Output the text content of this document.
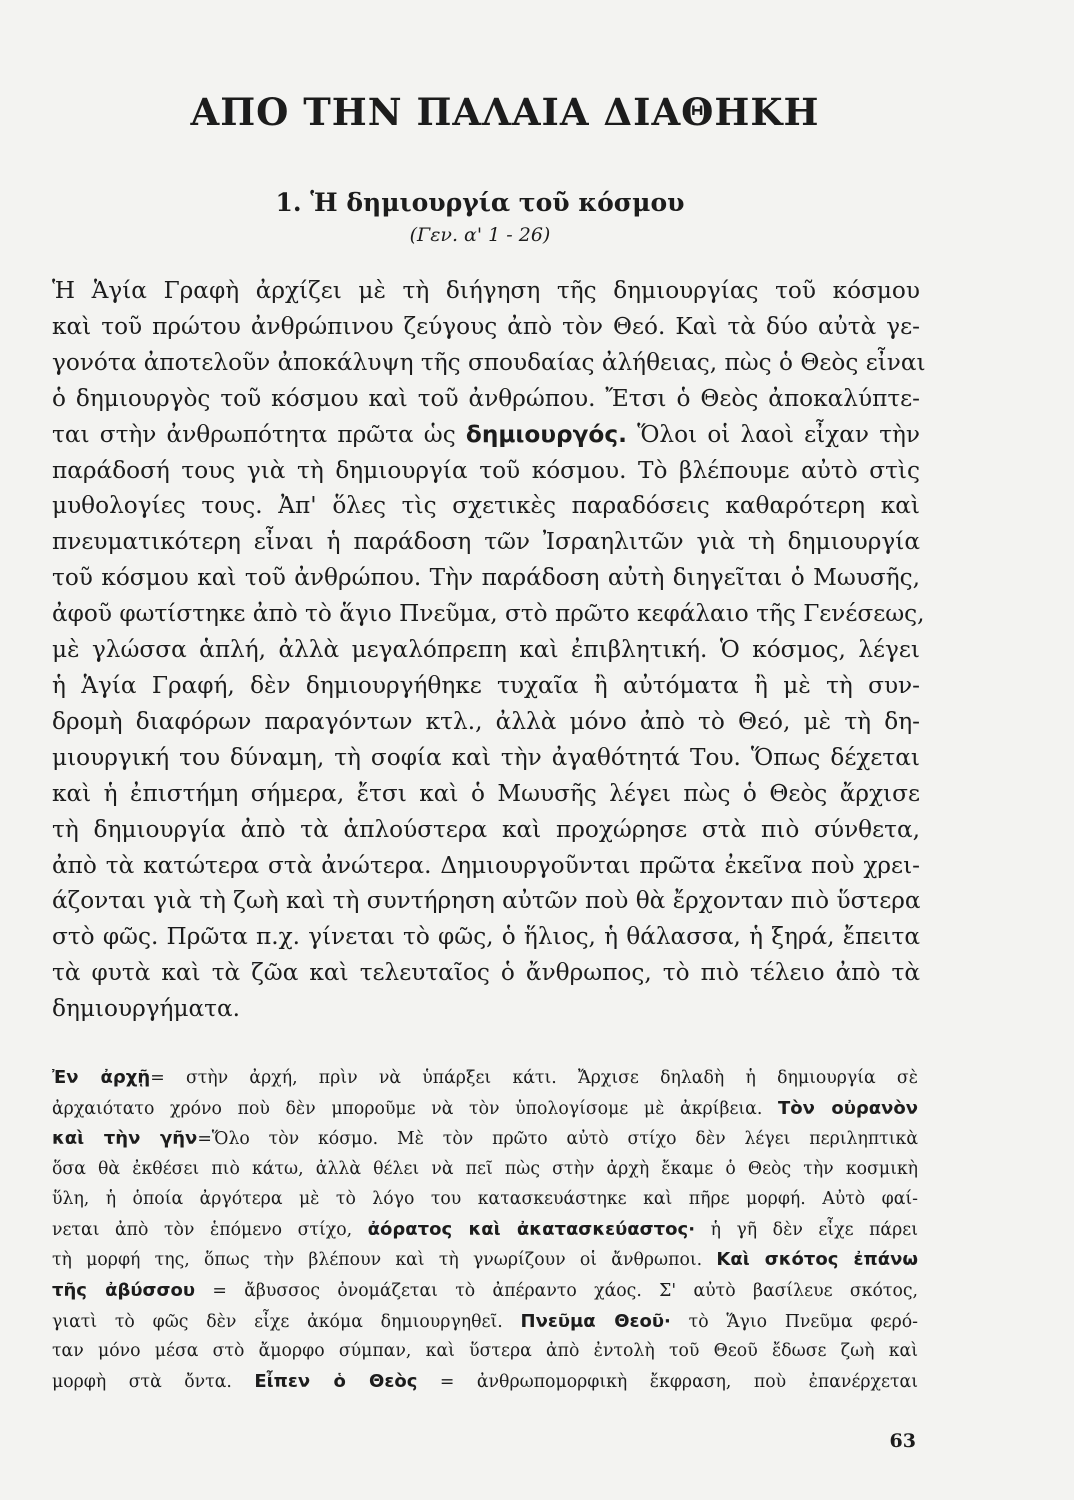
ΑΠΟ ΤΗΝ ΠΑΛΑΙΑ ΔΙΑΘΗΚΗ
1. Ἡ δημιουργία τοῦ κόσμου
(Γεν. α' 1 - 26)
Ἡ Ἁγία Γραφὴ ἀρχίζει μὲ τὴ διήγηση τῆς δημιουργίας τοῦ κόσμου
καὶ τοῦ πρώτου ἀνθρώπινου ζεύγους ἀπὸ τὸν Θεό. Καὶ τὰ δύο αὐτὰ γε-
γονότα ἀποτελοῦν ἀποκάλυψη τῆς σπουδαίας ἀλήθειας, πὼς ὁ Θεὸς εἶναι
ὁ δημιουργὸς τοῦ κόσμου καὶ τοῦ ἀνθρώπου. Ἔτσι ὁ Θεὸς ἀποκαλύπτε-
ται στὴν ἀνθρωπότητα πρῶτα ὡς δημιουργός. Ὅλοι οἱ λαοὶ εἶχαν τὴν
παράδοσή τους γιὰ τὴ δημιουργία τοῦ κόσμου. Τὸ βλέπουμε αὐτὸ στὶς
μυθολογίες τους. Ἀπ' ὅλες τὶς σχετικὲς παραδόσεις καθαρότερη καὶ
πνευματικότερη εἶναι ἡ παράδοση τῶν Ἰσραηλιτῶν γιὰ τὴ δημιουργία
τοῦ κόσμου καὶ τοῦ ἀνθρώπου. Τὴν παράδοση αὐτὴ διηγεῖται ὁ Μωυσῆς,
ἀφοῦ φωτίστηκε ἀπὸ τὸ ἅγιο Πνεῦμα, στὸ πρῶτο κεφάλαιο τῆς Γενέσεως,
μὲ γλώσσα ἁπλή, ἀλλὰ μεγαλόπρεπη καὶ ἐπιβλητική. Ὁ κόσμος, λέγει
ἡ Ἁγία Γραφή, δὲν δημιουργήθηκε τυχαῖα ἢ αὐτόματα ἢ μὲ τὴ συν-
δρομὴ διαφόρων παραγόντων κτλ., ἀλλὰ μόνο ἀπὸ τὸ Θεό, μὲ τὴ δη-
μιουργική του δύναμη, τὴ σοφία καὶ τὴν ἀγαθότητά Του. Ὅπως δέχεται
καὶ ἡ ἐπιστήμη σήμερα, ἔτσι καὶ ὁ Μωυσῆς λέγει πὼς ὁ Θεὸς ἄρχισε
τὴ δημιουργία ἀπὸ τὰ ἁπλούστερα καὶ προχώρησε στὰ πιὸ σύνθετα,
ἀπὸ τὰ κατώτερα στὰ ἀνώτερα. Δημιουργοῦνται πρῶτα ἐκεῖνα ποὺ χρει-
άζονται γιὰ τὴ ζωὴ καὶ τὴ συντήρηση αὐτῶν ποὺ θὰ ἔρχονταν πιὸ ὕστερα
στὸ φῶς. Πρῶτα π.χ. γίνεται τὸ φῶς, ὁ ἥλιος, ἡ θάλασσα, ἡ ξηρά, ἔπειτα
τὰ φυτὰ καὶ τὰ ζῶα καὶ τελευταῖος ὁ ἄνθρωπος, τὸ πιὸ τέλειο ἀπὸ τὰ
δημιουργήματα.
Ἐν ἀρχῇ= στὴν ἀρχή, πρὶν νὰ ὑπάρξει κάτι. Ἄρχισε δηλαδὴ ἡ δημιουργία σὲ
ἀρχαιότατο χρόνο ποὺ δὲν μποροῦμε νὰ τὸν ὑπολογίσομε μὲ ἀκρίβεια. Τὸν οὐρανὸν
καὶ τὴν γῆν=Ὅλο τὸν κόσμο. Μὲ τὸν πρῶτο αὐτὸ στίχο δὲν λέγει περιληπτικὰ
ὅσα θὰ ἐκθέσει πιὸ κάτω, ἀλλὰ θέλει νὰ πεῖ πὼς στὴν ἀρχὴ ἔκαμε ὁ Θεὸς τὴν κοσμικὴ
ὕλη, ἡ ὁποία ἀργότερα μὲ τὸ λόγο του κατασκευάστηκε καὶ πῆρε μορφή. Αὐτὸ φαί-
νεται ἀπὸ τὸν ἑπόμενο στίχο, ἀόρατος καὶ ἀκατασκεύαστος· ἡ γῆ δὲν εἶχε πάρει
τὴ μορφή της, ὅπως τὴν βλέπουν καὶ τὴ γνωρίζουν οἱ ἄνθρωποι. Καὶ σκότος ἐπάνω
τῆς ἀβύσσου = ἄβυσσος ὀνομάζεται τὸ ἀπέραντο χάος. Σ' αὐτὸ βασίλευε σκότος,
γιατὶ τὸ φῶς δὲν εἶχε ἀκόμα δημιουργηθεῖ. Πνεῦμα Θεοῦ· τὸ Ἅγιο Πνεῦμα φερό-
ταν μόνο μέσα στὸ ἄμορφο σύμπαν, καὶ ὕστερα ἀπὸ ἐντολὴ τοῦ Θεοῦ ἔδωσε ζωὴ καὶ
μορφὴ στὰ ὄντα. Εἶπεν ὁ Θεὸς = ἀνθρωπομορφικὴ ἔκφραση, ποὺ ἐπανέρχεται
63
